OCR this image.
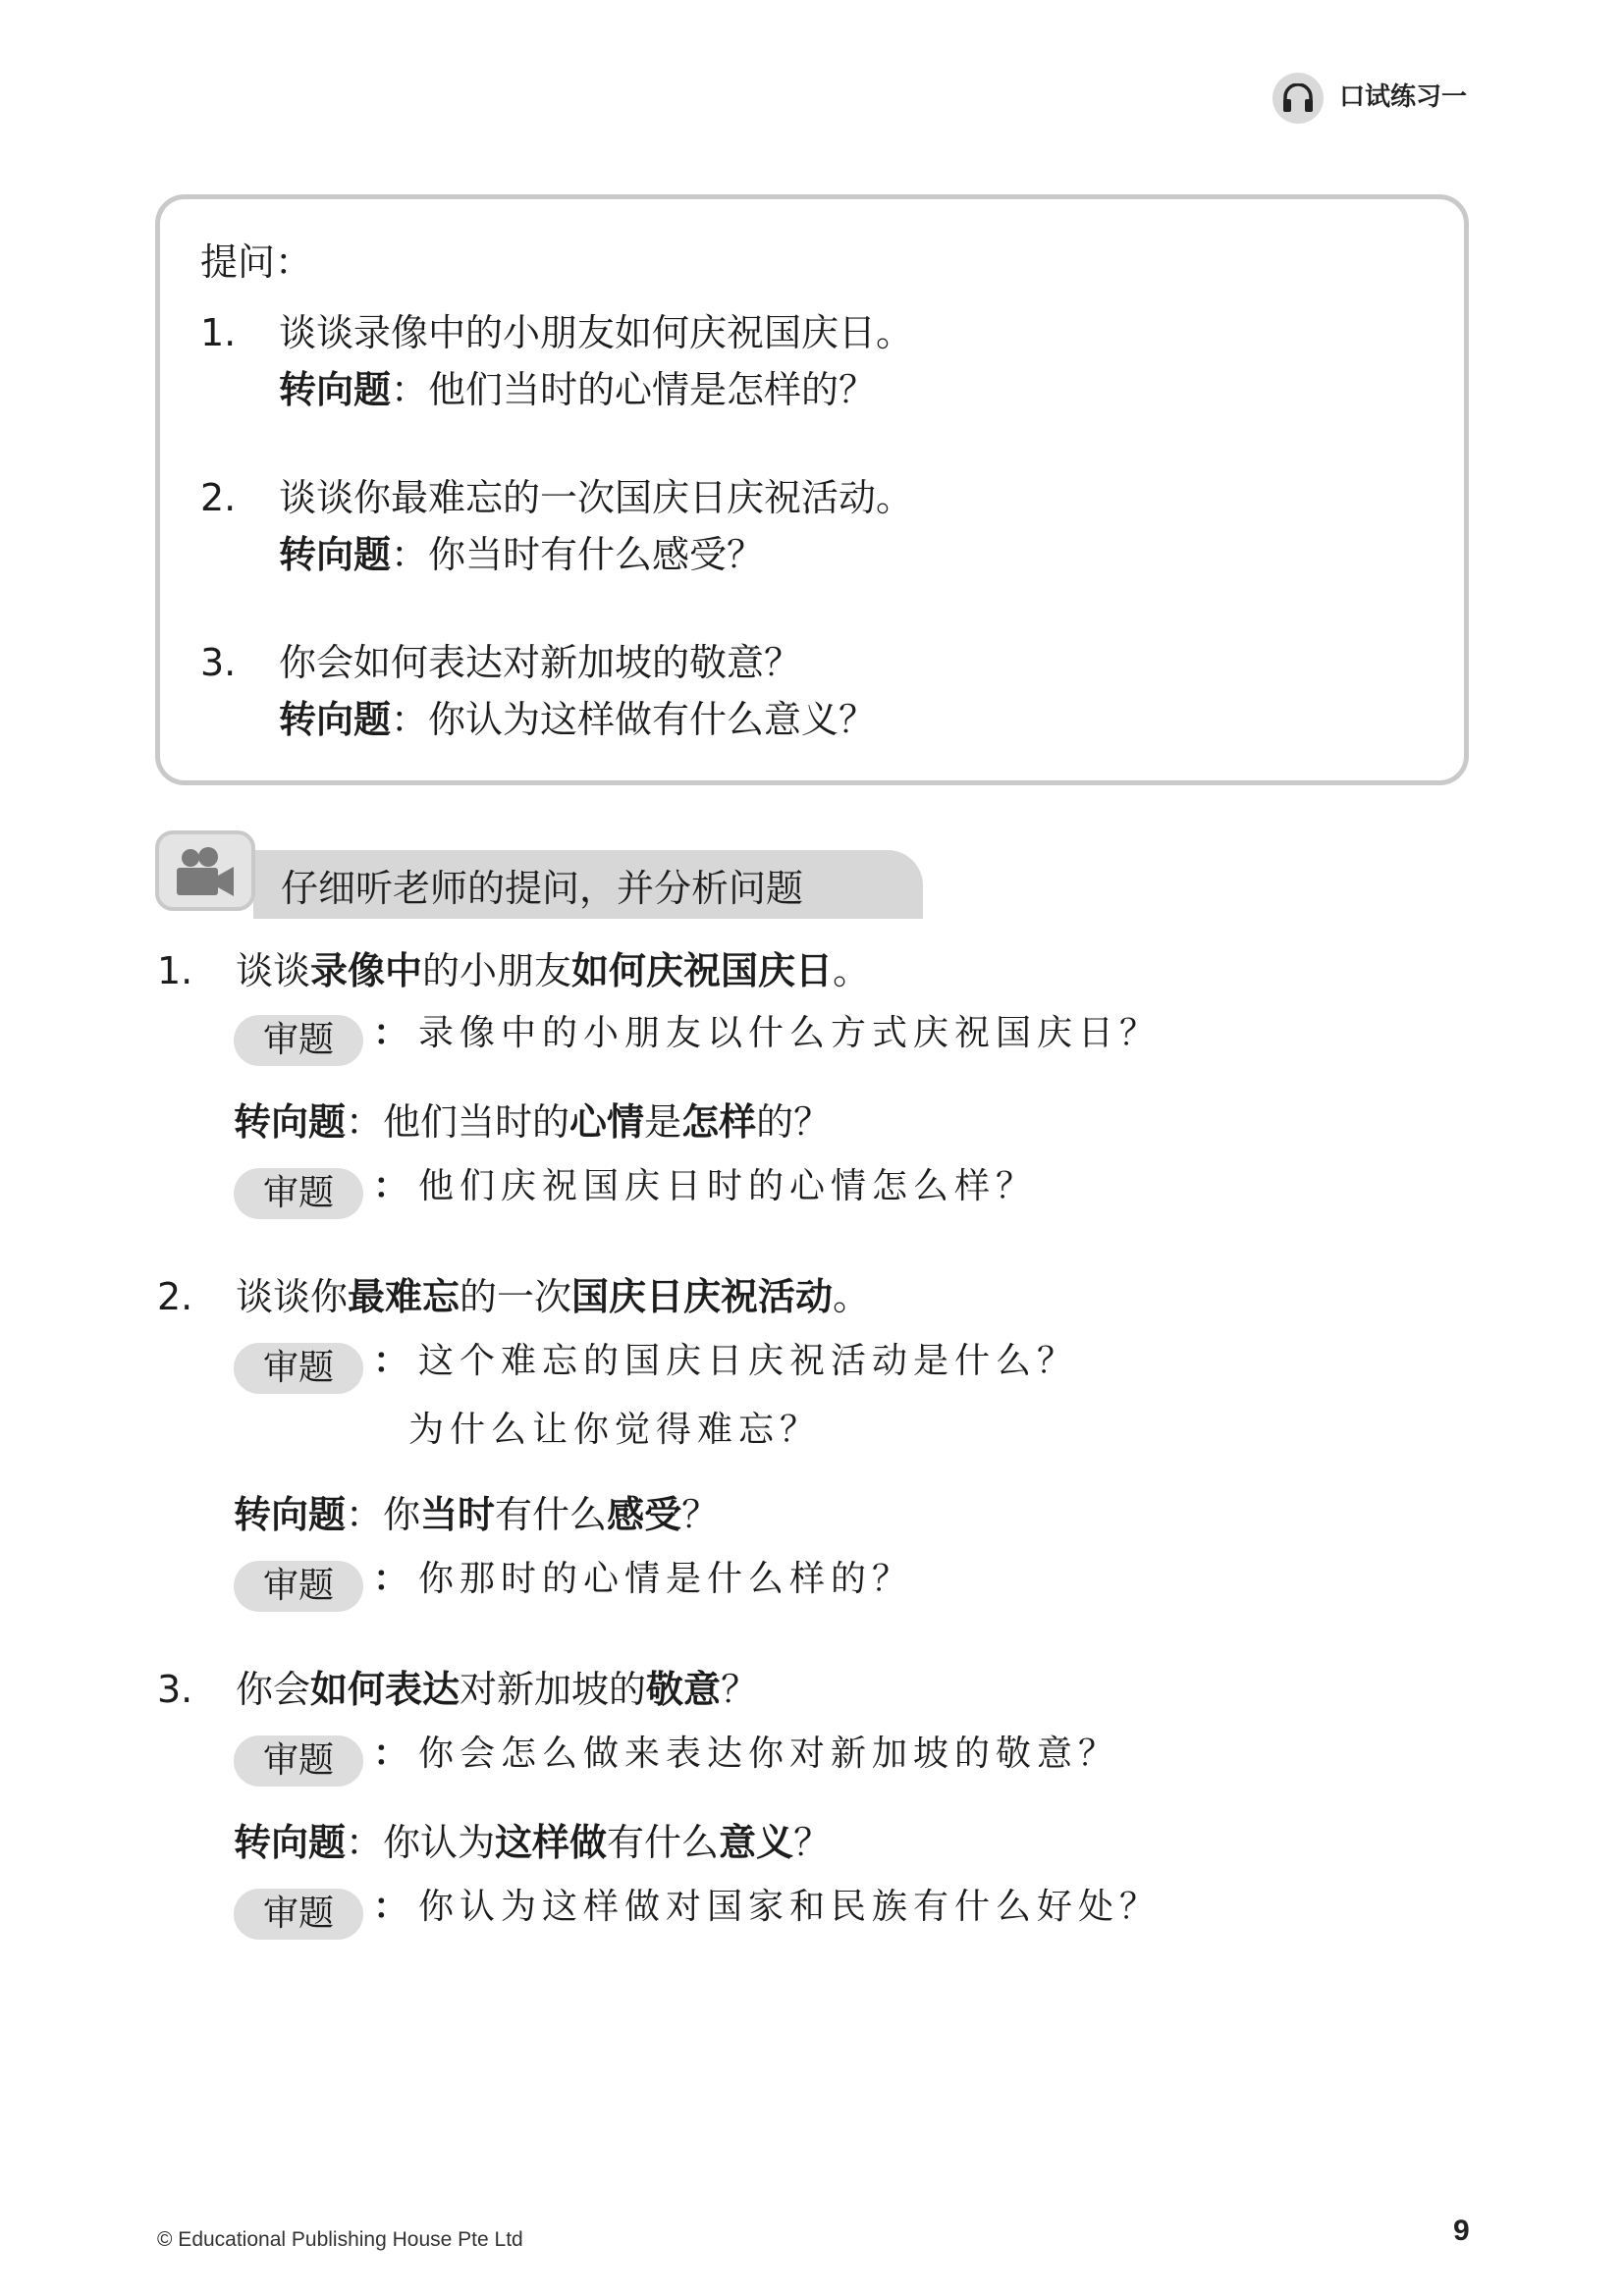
口试练习一
提问：
1. 谈谈录像中的小朋友如何庆祝国庆日。
转向题：他们当时的心情是怎样的？
2. 谈谈你最难忘的一次国庆日庆祝活动。
转向题：你当时有什么感受？
3. 你会如何表达对新加坡的敬意？
转向题：你认为这样做有什么意义？
仔细听老师的提问，并分析问题
1. 谈谈录像中的小朋友如何庆祝国庆日。
审题 ： 录像中的小朋友以什么方式庆祝国庆日？
转向题：他们当时的心情是怎样的？
审题 ： 他们庆祝国庆日时的心情怎么样？
2. 谈谈你最难忘的一次国庆日庆祝活动。
审题 ： 这个难忘的国庆日庆祝活动是什么？
为什么让你觉得难忘？
转向题：你当时有什么感受？
审题 ： 你那时的心情是什么样的？
3. 你会如何表达对新加坡的敬意？
审题 ： 你会怎么做来表达你对新加坡的敬意？
转向题：你认为这样做有什么意义？
审题 ： 你认为这样做对国家和民族有什么好处？
© Educational Publishing House Pte Ltd	9
